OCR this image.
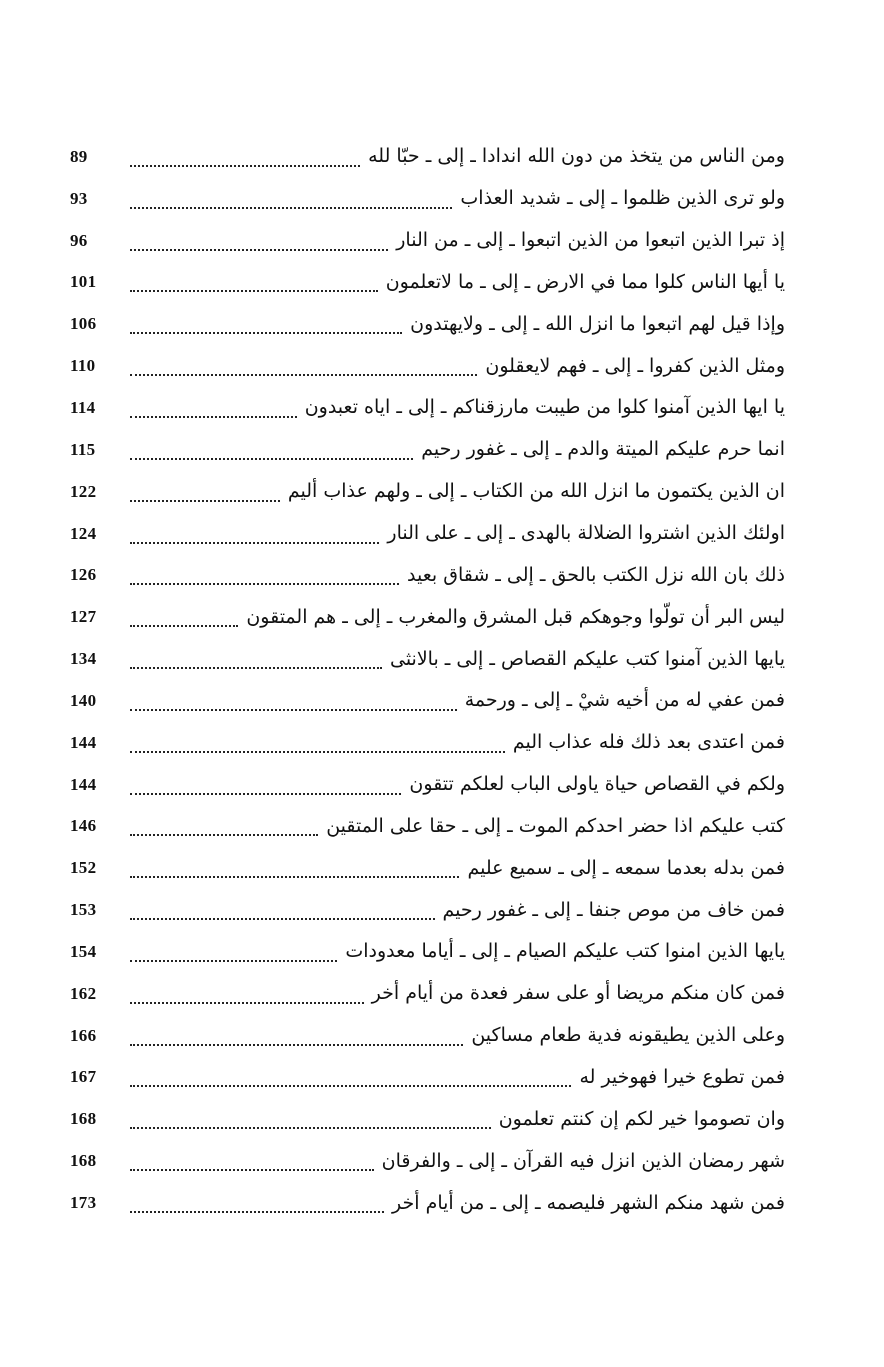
89	ومن الناس من يتخذ من دون الله اندادا ـ إلى ـ حبّا لله
93	ولو ترى الذين ظلموا ـ إلى ـ شديد العذاب
96	إذ تبرا الذين اتبعوا من الذين اتبعوا ـ إلى ـ من النار
101	يا أيها الناس كلوا مما في الارض ـ إلى ـ ما لاتعلمون
106	وإذا قيل لهم اتبعوا ما انزل الله ـ إلى ـ ولايهتدون
110	ومثل الذين كفروا ـ إلى ـ فهم لايعقلون
114	يا ايها الذين آمنوا كلوا من طيبت مارزقناكم ـ إلى ـ اياه تعبدون
115	انما حرم عليكم الميتة والدم ـ إلى ـ غفور رحيم
122	ان الذين يكتمون ما انزل الله من الكتاب ـ إلى ـ ولهم عذاب أليم
124	اولئك الذين اشتروا الضلالة بالهدى ـ إلى ـ على النار
126	ذلك بان الله نزل الكتب بالحق ـ إلى ـ شقاق بعيد
127	ليس البر أن تولّوا وجوهكم قبل المشرق والمغرب ـ إلى ـ هم المتقون
134	يايها الذين آمنوا كتب عليكم القصاص ـ إلى ـ بالانثى
140	فمن عفي له من أخيه شيْ ـ إلى ـ ورحمة
144	فمن اعتدى بعد ذلك فله عذاب اليم
144	ولكم في القصاص حياة ياولى الباب لعلكم تتقون
146	كتب عليكم اذا حضر احدكم الموت ـ إلى ـ حقا على المتقين
152	فمن بدله بعدما سمعه ـ إلى ـ سميع عليم
153	فمن خاف من موص جنفا ـ إلى ـ غفور رحيم
154	يايها الذين امنوا كتب عليكم الصيام ـ إلى ـ أياما معدودات
162	فمن كان منكم مريضا أو على سفر فعدة من أيام أخر
166	وعلى الذين يطيقونه فدية طعام مساكين
167	فمن تطوع خيرا فهوخير له
168	وان تصوموا خير لكم إن كنتم تعلمون
168	شهر رمضان الذين انزل فيه القرآن ـ إلى ـ والفرقان
173	فمن شهد منكم الشهر فليصمه ـ إلى ـ من أيام أخر
